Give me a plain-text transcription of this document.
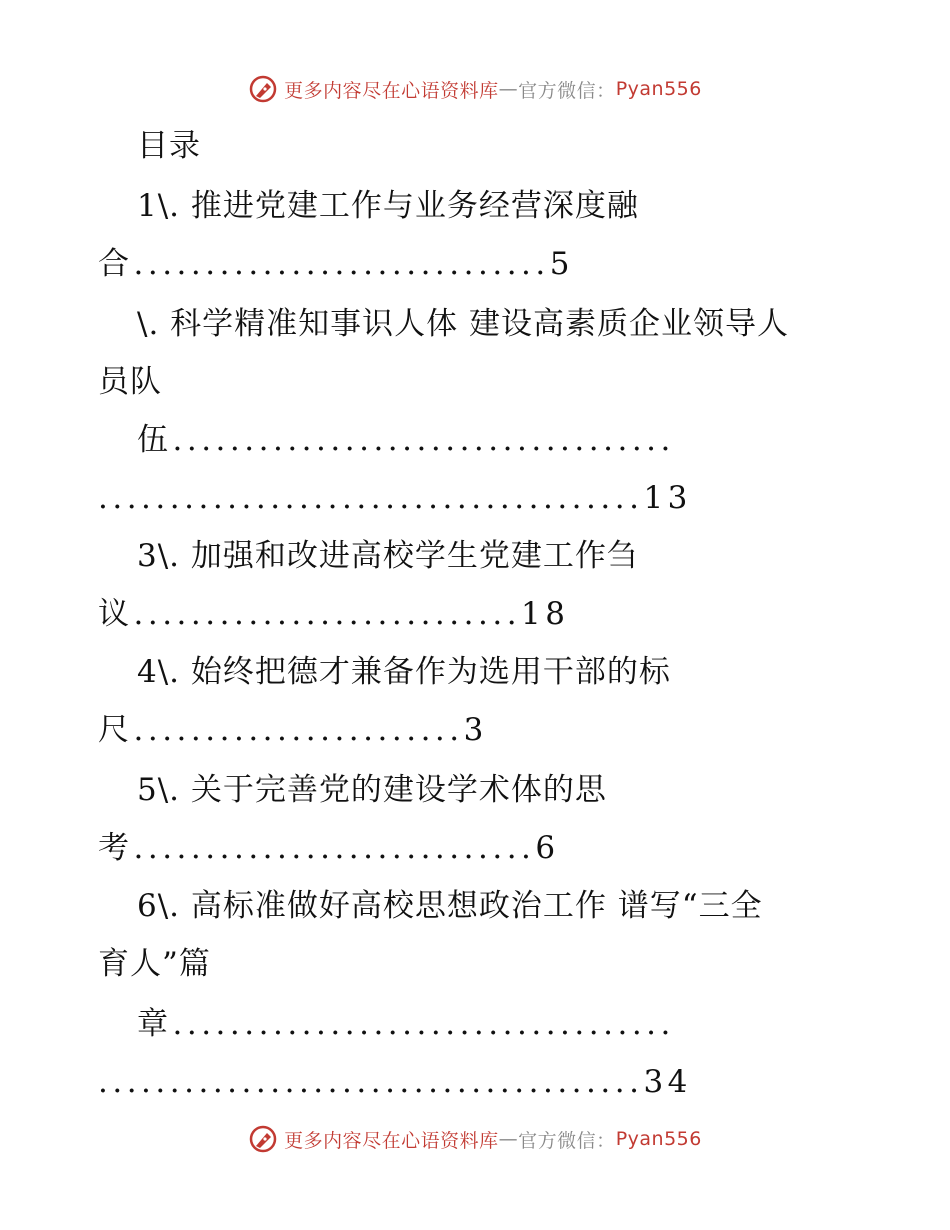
更多内容尽在心语资料库 — 官方微信： Pyan556
目录
1\. 推进党建工作与业务经营深度融
合.............................5
\. 科学精准知事识人体 建设高素质企业领导人
员队
伍...................................
......................................13
3\. 加强和改进高校学生党建工作刍
议...........................18
4\. 始终把德才兼备作为选用干部的标
尺.......................3
5\. 关于完善党的建设学术体的思
考............................6
6\. 高标准做好高校思想政治工作 谱写“三全
育人”篇
章...................................
......................................34
更多内容尽在心语资料库 — 官方微信： Pyan556
